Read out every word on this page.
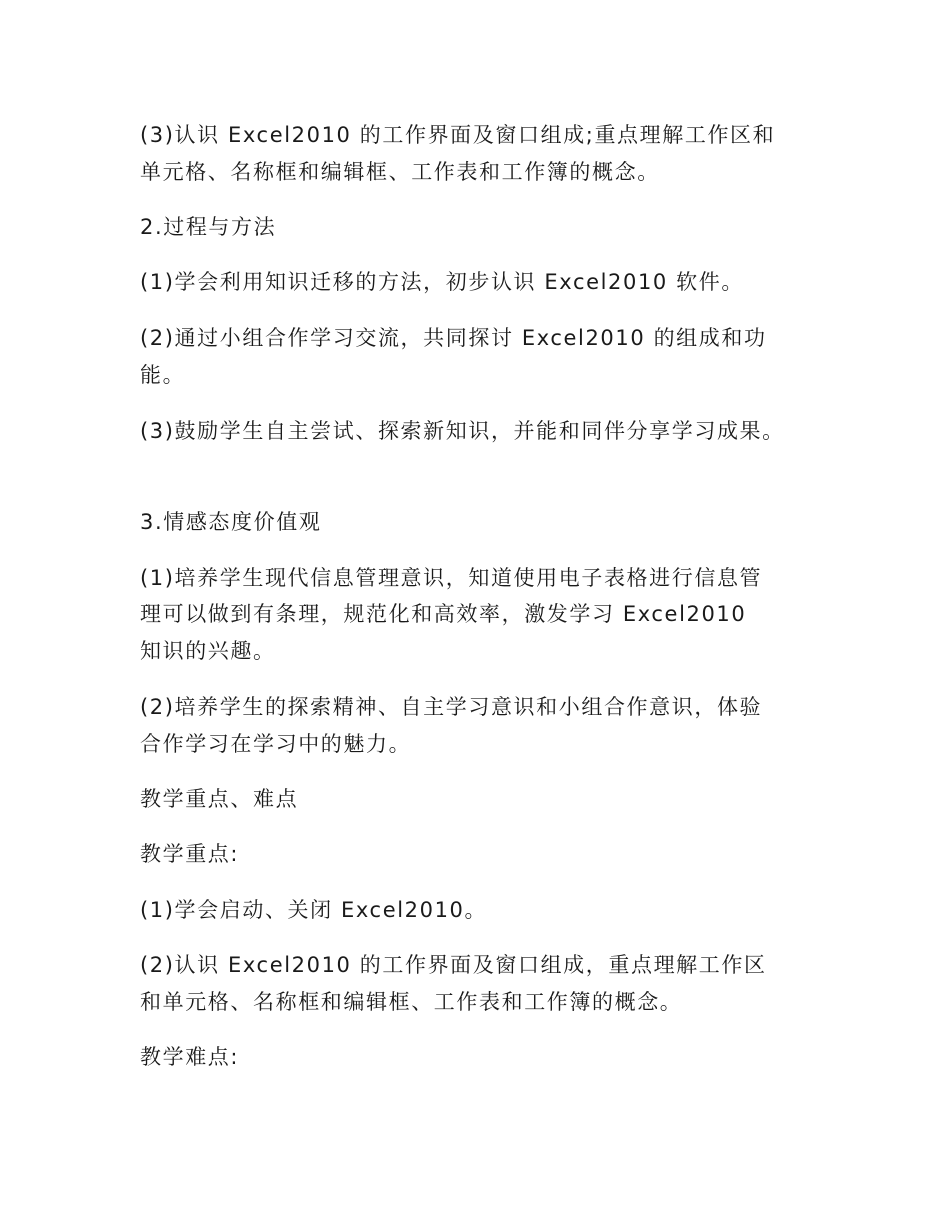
(3)认识 Excel2010 的工作界面及窗口组成;重点理解工作区和
单元格、名称框和编辑框、工作表和工作簿的概念。
2.过程与方法
(1)学会利用知识迁移的方法，初步认识 Excel2010 软件。
(2)通过小组合作学习交流，共同探讨 Excel2010 的组成和功
能。
(3)鼓励学生自主尝试、探索新知识，并能和同伴分享学习成果。
3.情感态度价值观
(1)培养学生现代信息管理意识，知道使用电子表格进行信息管
理可以做到有条理，规范化和高效率，激发学习 Excel2010
知识的兴趣。
(2)培养学生的探索精神、自主学习意识和小组合作意识，体验
合作学习在学习中的魅力。
教学重点、难点
教学重点:
(1)学会启动、关闭 Excel2010。
(2)认识 Excel2010 的工作界面及窗口组成，重点理解工作区
和单元格、名称框和编辑框、工作表和工作簿的概念。
教学难点:
